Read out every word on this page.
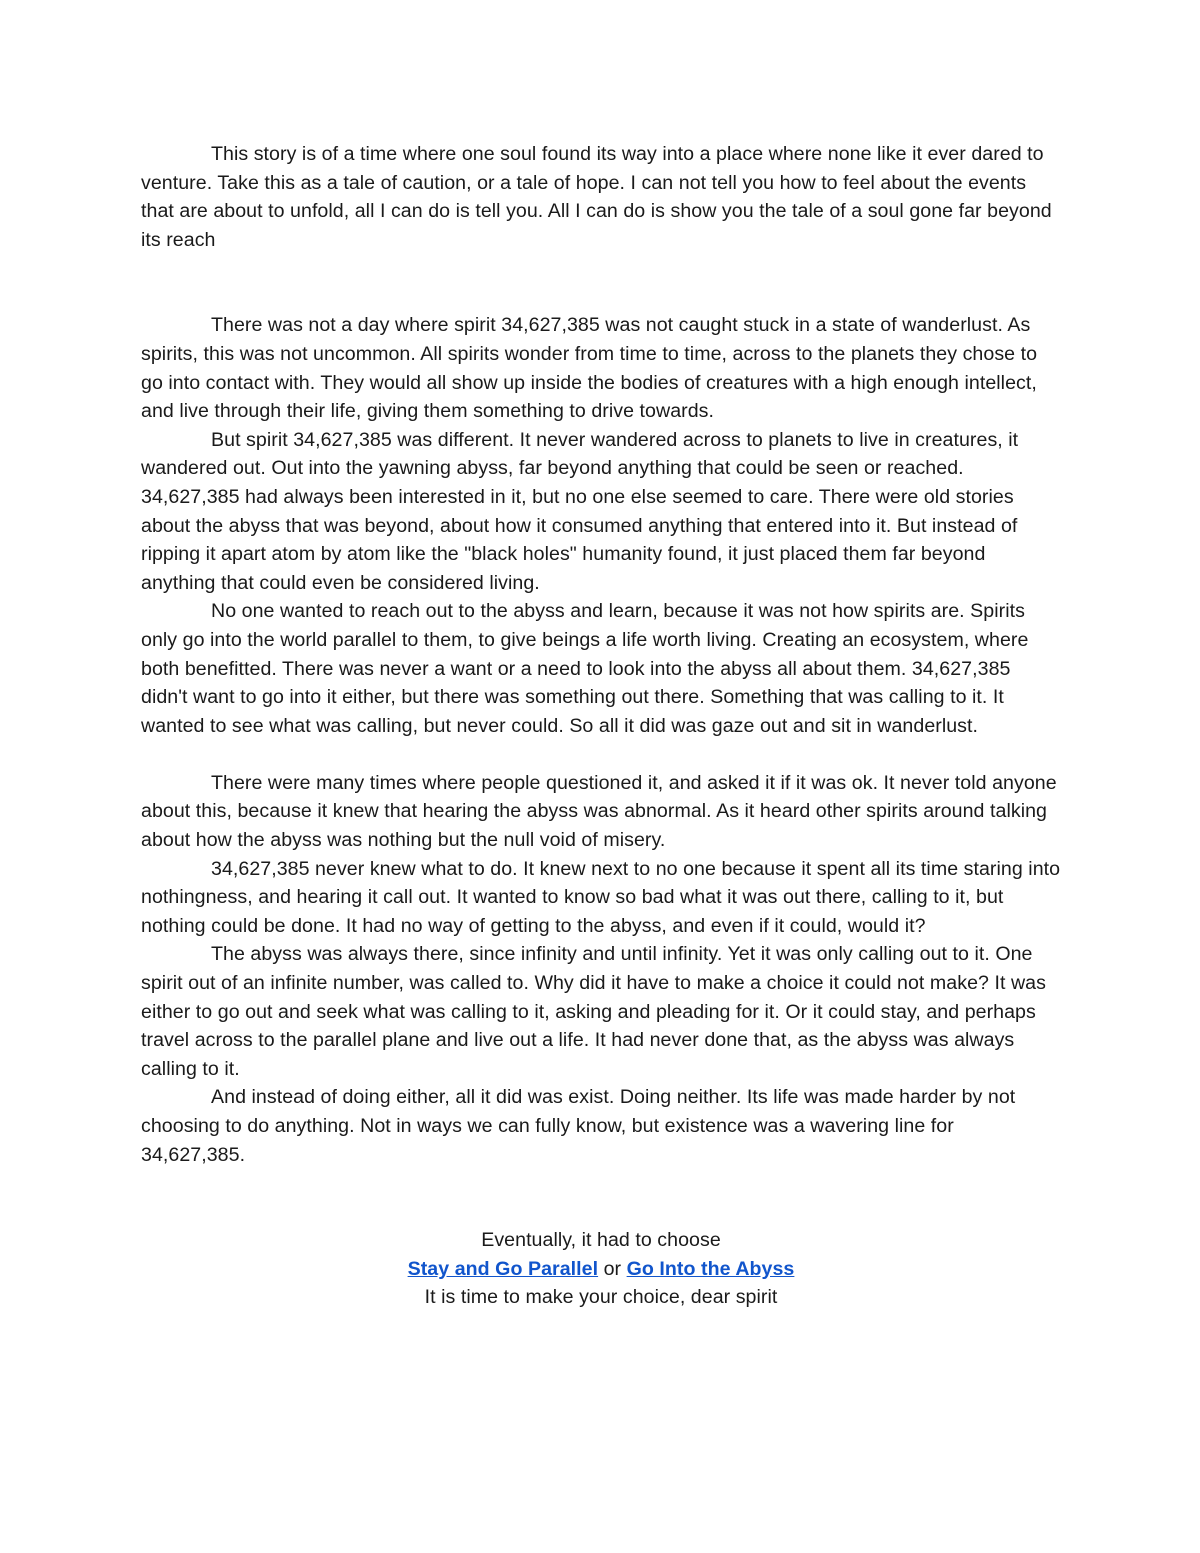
This story is of a time where one soul found its way into a place where none like it ever dared to venture. Take this as a tale of caution, or a tale of hope. I can not tell you how to feel about the events that are about to unfold, all I can do is tell you. All I can do is show you the tale of a soul gone far beyond its reach

There was not a day where spirit 34,627,385 was not caught stuck in a state of wanderlust. As spirits, this was not uncommon. All spirits wonder from time to time, across to the planets they chose to go into contact with. They would all show up inside the bodies of creatures with a high enough intellect, and live through their life, giving them something to drive towards.

But spirit 34,627,385 was different. It never wandered across to planets to live in creatures, it wandered out. Out into the yawning abyss, far beyond anything that could be seen or reached. 34,627,385 had always been interested in it, but no one else seemed to care. There were old stories about the abyss that was beyond, about how it consumed anything that entered into it. But instead of ripping it apart atom by atom like the "black holes" humanity found, it just placed them far beyond anything that could even be considered living.

No one wanted to reach out to the abyss and learn, because it was not how spirits are. Spirits only go into the world parallel to them, to give beings a life worth living. Creating an ecosystem, where both benefitted. There was never a want or a need to look into the abyss all about them. 34,627,385 didn't want to go into it either, but there was something out there. Something that was calling to it. It wanted to see what was calling, but never could. So all it did was gaze out and sit in wanderlust.

There were many times where people questioned it, and asked it if it was ok. It never told anyone about this, because it knew that hearing the abyss was abnormal. As it heard other spirits around talking about how the abyss was nothing but the null void of misery.

34,627,385 never knew what to do. It knew next to no one because it spent all its time staring into nothingness, and hearing it call out. It wanted to know so bad what it was out there, calling to it, but nothing could be done. It had no way of getting to the abyss, and even if it could, would it?

The abyss was always there, since infinity and until infinity. Yet it was only calling out to it. One spirit out of an infinite number, was called to. Why did it have to make a choice it could not make? It was either to go out and seek what was calling to it, asking and pleading for it. Or it could stay, and perhaps travel across to the parallel plane and live out a life. It had never done that, as the abyss was always calling to it.

And instead of doing either, all it did was exist. Doing neither. Its life was made harder by not choosing to do anything. Not in ways we can fully know, but existence was a wavering line for 34,627,385.

Eventually, it had to choose

Stay and Go Parallel or Go Into the Abyss

It is time to make your choice, dear spirit
